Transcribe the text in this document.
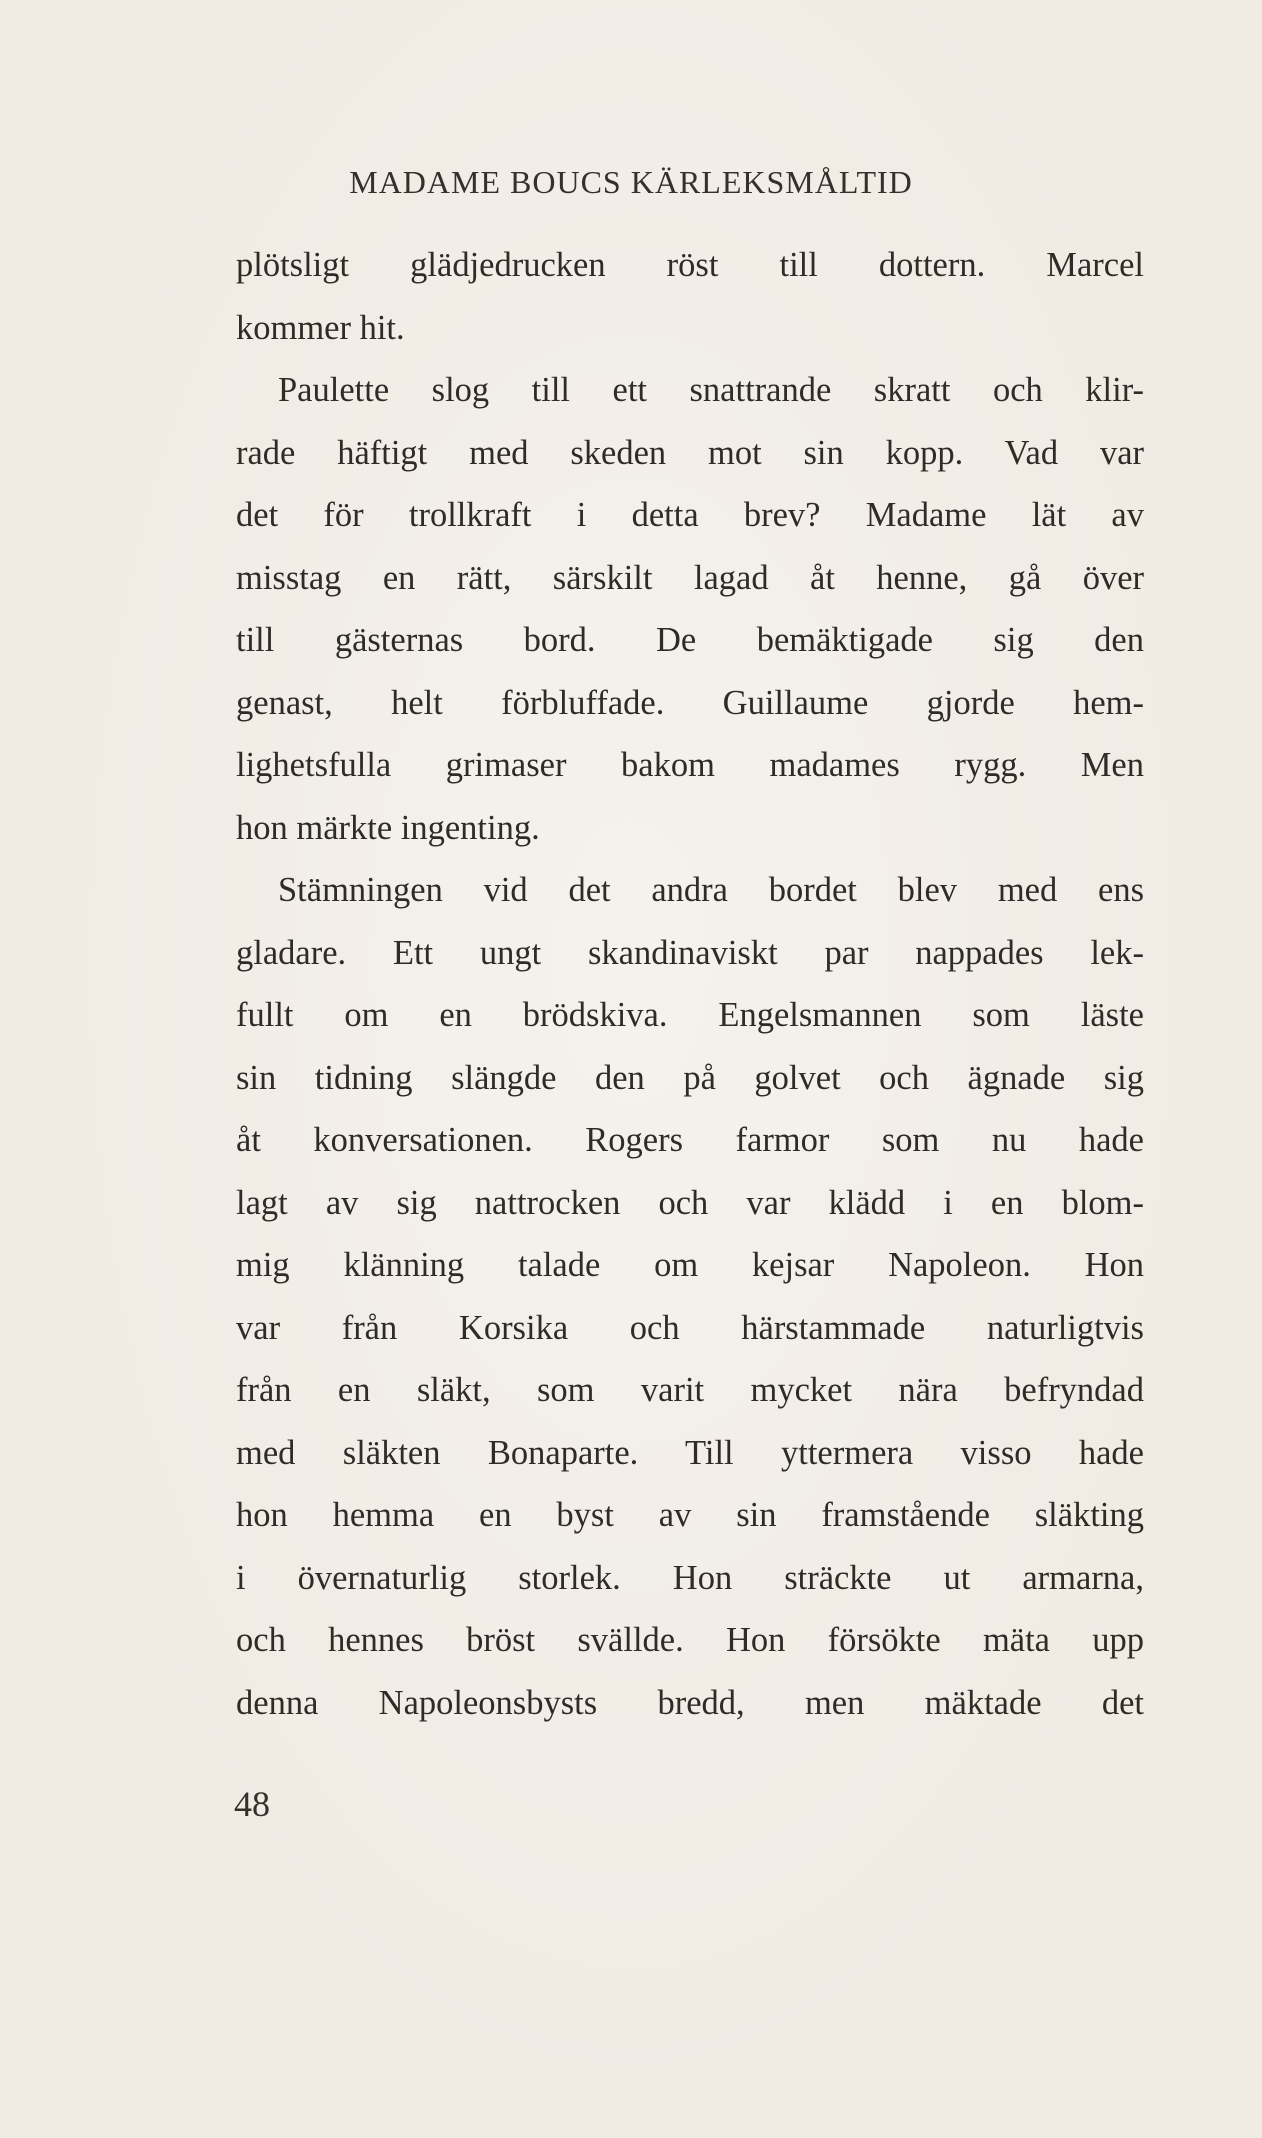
MADAME BOUCS KÄRLEKSMÅLTID
plötsligt glädjedrucken röst till dottern. Marcel
kommer hit.
Paulette slog till ett snattrande skratt och klir-
rade häftigt med skeden mot sin kopp. Vad var
det för trollkraft i detta brev? Madame lät av
misstag en rätt, särskilt lagad åt henne, gå över
till gästernas bord. De bemäktigade sig den
genast, helt förbluffade. Guillaume gjorde hem-
lighetsfulla grimaser bakom madames rygg. Men
hon märkte ingenting.
Stämningen vid det andra bordet blev med ens
gladare. Ett ungt skandinaviskt par nappades lek-
fullt om en brödskiva. Engelsmannen som läste
sin tidning slängde den på golvet och ägnade sig
åt konversationen. Rogers farmor som nu hade
lagt av sig nattrocken och var klädd i en blom-
mig klänning talade om kejsar Napoleon. Hon
var från Korsika och härstammade naturligtvis
från en släkt, som varit mycket nära befryndad
med släkten Bonaparte. Till yttermera visso hade
hon hemma en byst av sin framstående släkting
i övernaturlig storlek. Hon sträckte ut armarna,
och hennes bröst svällde. Hon försökte mäta upp
denna Napoleonsbysts bredd, men mäktade det
48
